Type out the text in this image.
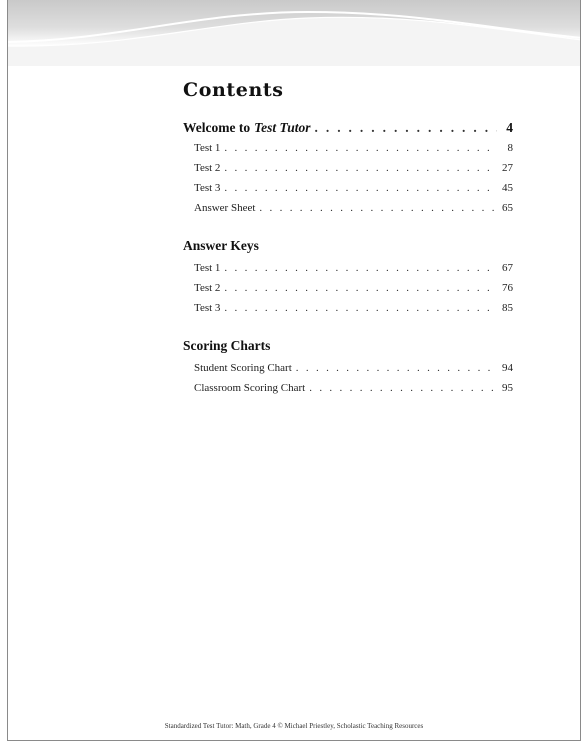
Contents
Welcome to Test Tutor . . .	4
Test 1 . . .	8
Test 2 . . .	27
Test 3 . . .	45
Answer Sheet . . .	65
Answer Keys
Test 1 . . .	67
Test 2 . . .	76
Test 3 . . .	85
Scoring Charts
Student Scoring Chart . . .	94
Classroom Scoring Chart . . .	95
Standardized Test Tutor: Math, Grade 4 © Michael Priestley, Scholastic Teaching Resources
